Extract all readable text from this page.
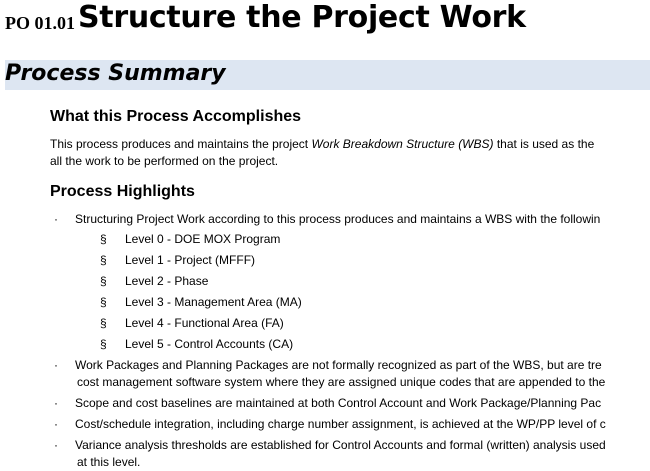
PO 01.01 Structure the Project Work
Process Summary
What this Process Accomplishes
This process produces and maintains the project Work Breakdown Structure (WBS) that is used as the
all the work to be performed on the project.
Process Highlights
· Structuring Project Work according to this process produces and maintains a WBS with the followin
§ Level 0 - DOE MOX Program
§ Level 1 - Project (MFFF)
§ Level 2 - Phase
§ Level 3 - Management Area (MA)
§ Level 4 - Functional Area (FA)
§ Level 5 - Control Accounts (CA)
· Work Packages and Planning Packages are not formally recognized as part of the WBS, but are tre
cost management software system where they are assigned unique codes that are appended to the
· Scope and cost baselines are maintained at both Control Account and Work Package/Planning Pac
· Cost/schedule integration, including charge number assignment, is achieved at the WP/PP level of c
· Variance analysis thresholds are established for Control Accounts and formal (written) analysis used
at this level.
